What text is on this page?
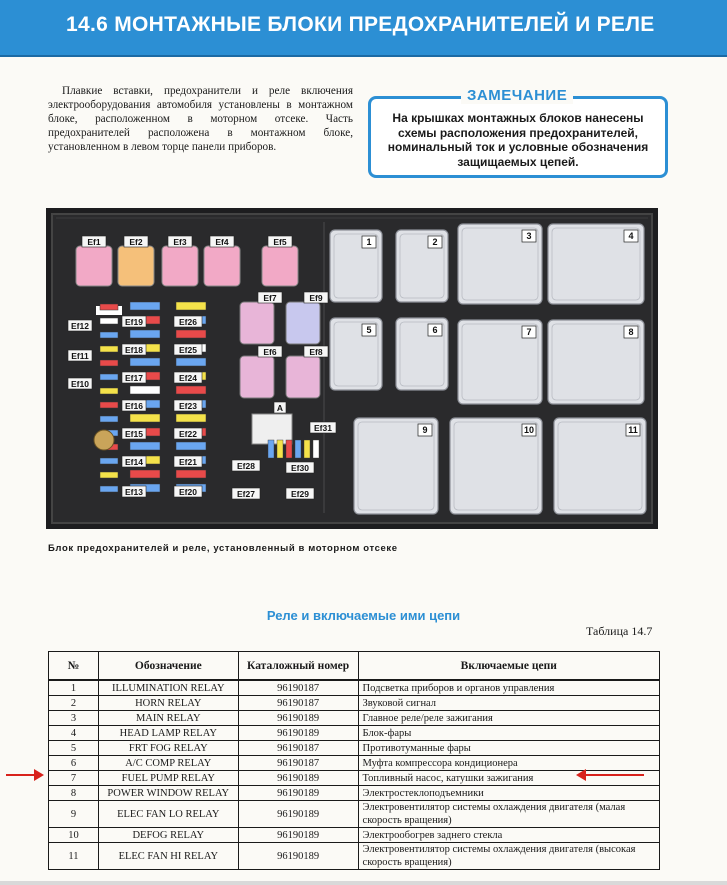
14.6 МОНТАЖНЫЕ БЛОКИ ПРЕДОХРАНИТЕЛЕЙ И РЕЛЕ

Плавкие вставки, предохранители и реле включения электрооборудования автомобиля установлены в монтажном блоке, расположенном в моторном отсеке. Часть предохранителей расположена в монтажном блоке, установленном в левом торце панели приборов.

ЗАМЕЧАНИЕ
На крышках монтажных блоков нанесены схемы расположения предохранителей, номинальный ток и условные обозначения защищаемых цепей.
1	2
3	4
5	6	7	8
9	10	11
Ef1	Ef2	Ef3	Ef4	Ef5
Ef7	Ef9
Ef6	Ef8
Ef12
Ef11
Ef10
Ef19	Ef26
Ef18	Ef25
Ef17	Ef24
Ef16	Ef23
Ef15	Ef22
Ef14	Ef21
Ef13	Ef20
Ef31
A
Ef28
Ef27
Ef30
Ef29
Блок предохранителей и реле, установленный в моторном отсеке
Реле и включаемые ими цепи
Таблица 14.7
№	Обозначение	Каталожный номер	Включаемые цепи
1	ILLUMINATION RELAY	96190187	Подсветка приборов и органов управления
2	HORN RELAY	96190187	Звуковой сигнал
3	MAIN RELAY	96190189	Главное реле/реле зажигания
4	HEAD LAMP RELAY	96190189	Блок-фары
5	FRT FOG RELAY	96190187	Противотуманные фары
6	A/C COMP RELAY	96190187	Муфта компрессора кондиционера
7	FUEL PUMP RELAY	96190189	Топливный насос, катушки зажигания
8	POWER WINDOW RELAY	96190189	Электростеклоподъемники
9	ELEC FAN LO RELAY	96190189	Электровентилятор системы охлаждения двигателя (малая скорость вращения)
10	DEFOG RELAY	96190189	Электрообогрев заднего стекла
11	ELEC FAN HI RELAY	96190189	Электровентилятор системы охлаждения двигателя (высокая скорость вращения)
